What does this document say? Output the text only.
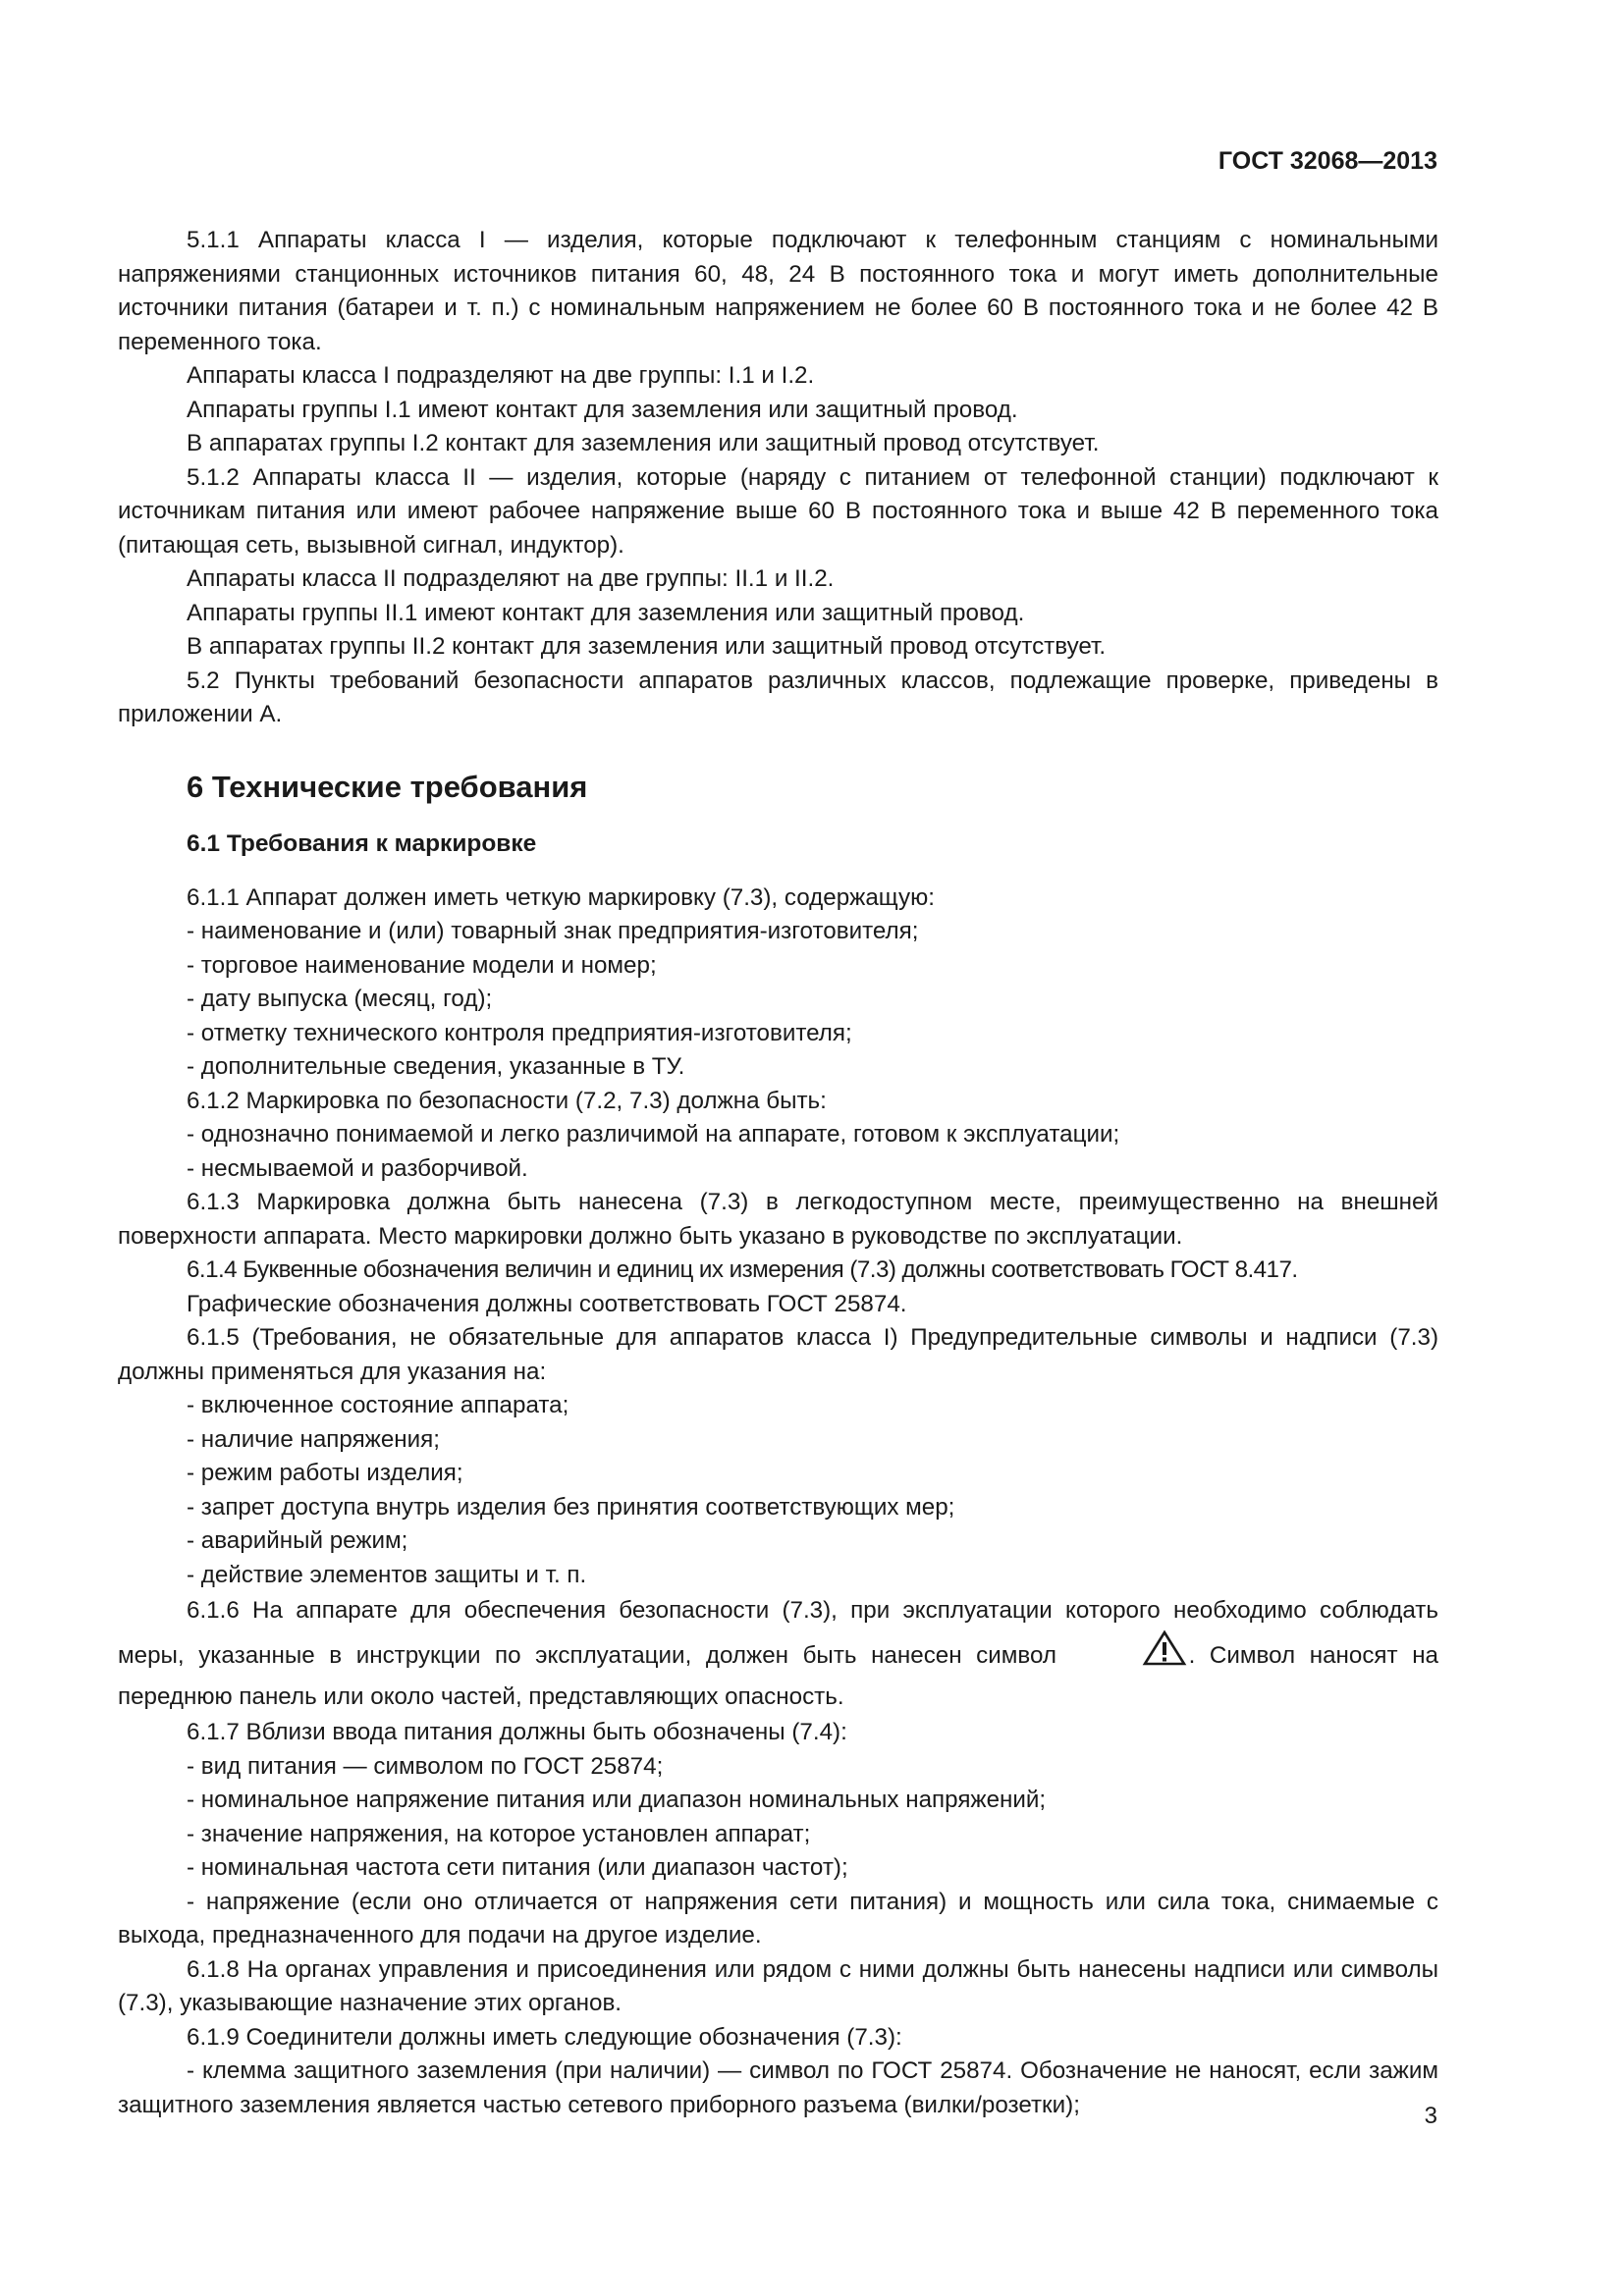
ГОСТ 32068—2013

5.1.1 Аппараты класса I — изделия, которые подключают к телефонным станциям с номинальными напряжениями станционных источников питания 60, 48, 24 В постоянного тока и могут иметь дополнительные источники питания (батареи и т. п.) с номинальным напряжением не более 60 В постоянного тока и не более 42 В переменного тока.

Аппараты класса I подразделяют на две группы: I.1 и I.2.

Аппараты группы I.1 имеют контакт для заземления или защитный провод.

В аппаратах группы I.2 контакт для заземления или защитный провод отсутствует.

5.1.2 Аппараты класса II — изделия, которые (наряду с питанием от телефонной станции) подключают к источникам питания или имеют рабочее напряжение выше 60 В постоянного тока и выше 42 В переменного тока (питающая сеть, вызывной сигнал, индуктор).

Аппараты класса II подразделяют на две группы: II.1 и II.2.

Аппараты группы II.1 имеют контакт для заземления или защитный провод.

В аппаратах группы II.2 контакт для заземления или защитный провод отсутствует.

5.2 Пункты требований безопасности аппаратов различных классов, подлежащие проверке, приведены в приложении А.

6 Технические требования
6.1 Требования к маркировке

6.1.1 Аппарат должен иметь четкую маркировку (7.3), содержащую:

- наименование и (или) товарный знак предприятия-изготовителя;

- торговое наименование модели и номер;

- дату выпуска (месяц, год);

- отметку технического контроля предприятия-изготовителя;

- дополнительные сведения, указанные в ТУ.

6.1.2 Маркировка по безопасности (7.2, 7.3) должна быть:

- однозначно понимаемой и легко различимой на аппарате, готовом к эксплуатации;

- несмываемой и разборчивой.

6.1.3 Маркировка должна быть нанесена (7.3) в легкодоступном месте, преимущественно на внешней поверхности аппарата. Место маркировки должно быть указано в руководстве по эксплуатации.

6.1.4 Буквенные обозначения величин и единиц их измерения (7.3) должны соответствовать ГОСТ 8.417.

Графические обозначения должны соответствовать ГОСТ 25874.

6.1.5 (Требования, не обязательные для аппаратов класса I) Предупредительные символы и надписи (7.3) должны применяться для указания на:

- включенное состояние аппарата;

- наличие напряжения;

- режим работы изделия;

- запрет доступа внутрь изделия без принятия соответствующих мер;

- аварийный режим;

- действие элементов защиты и т. п.

6.1.6 На аппарате для обеспечения безопасности (7.3), при эксплуатации которого необходимо соблюдать меры, указанные в инструкции по эксплуатации, должен быть нанесен символ	. Символ наносят на переднюю панель или около частей, представляющих опасность.

6.1.7 Вблизи ввода питания должны быть обозначены (7.4):

- вид питания — символом по ГОСТ 25874;

- номинальное напряжение питания или диапазон номинальных напряжений;

- значение напряжения, на которое установлен аппарат;

- номинальная частота сети питания (или диапазон частот);

- напряжение (если оно отличается от напряжения сети питания) и мощность или сила тока, снимаемые с выхода, предназначенного для подачи на другое изделие.

6.1.8 На органах управления и присоединения или рядом с ними должны быть нанесены надписи или символы (7.3), указывающие назначение этих органов.

6.1.9 Соединители должны иметь следующие обозначения (7.3):

- клемма защитного заземления (при наличии) — символ по ГОСТ 25874. Обозначение не наносят, если зажим защитного заземления является частью сетевого приборного разъема (вилки/розетки);	3
